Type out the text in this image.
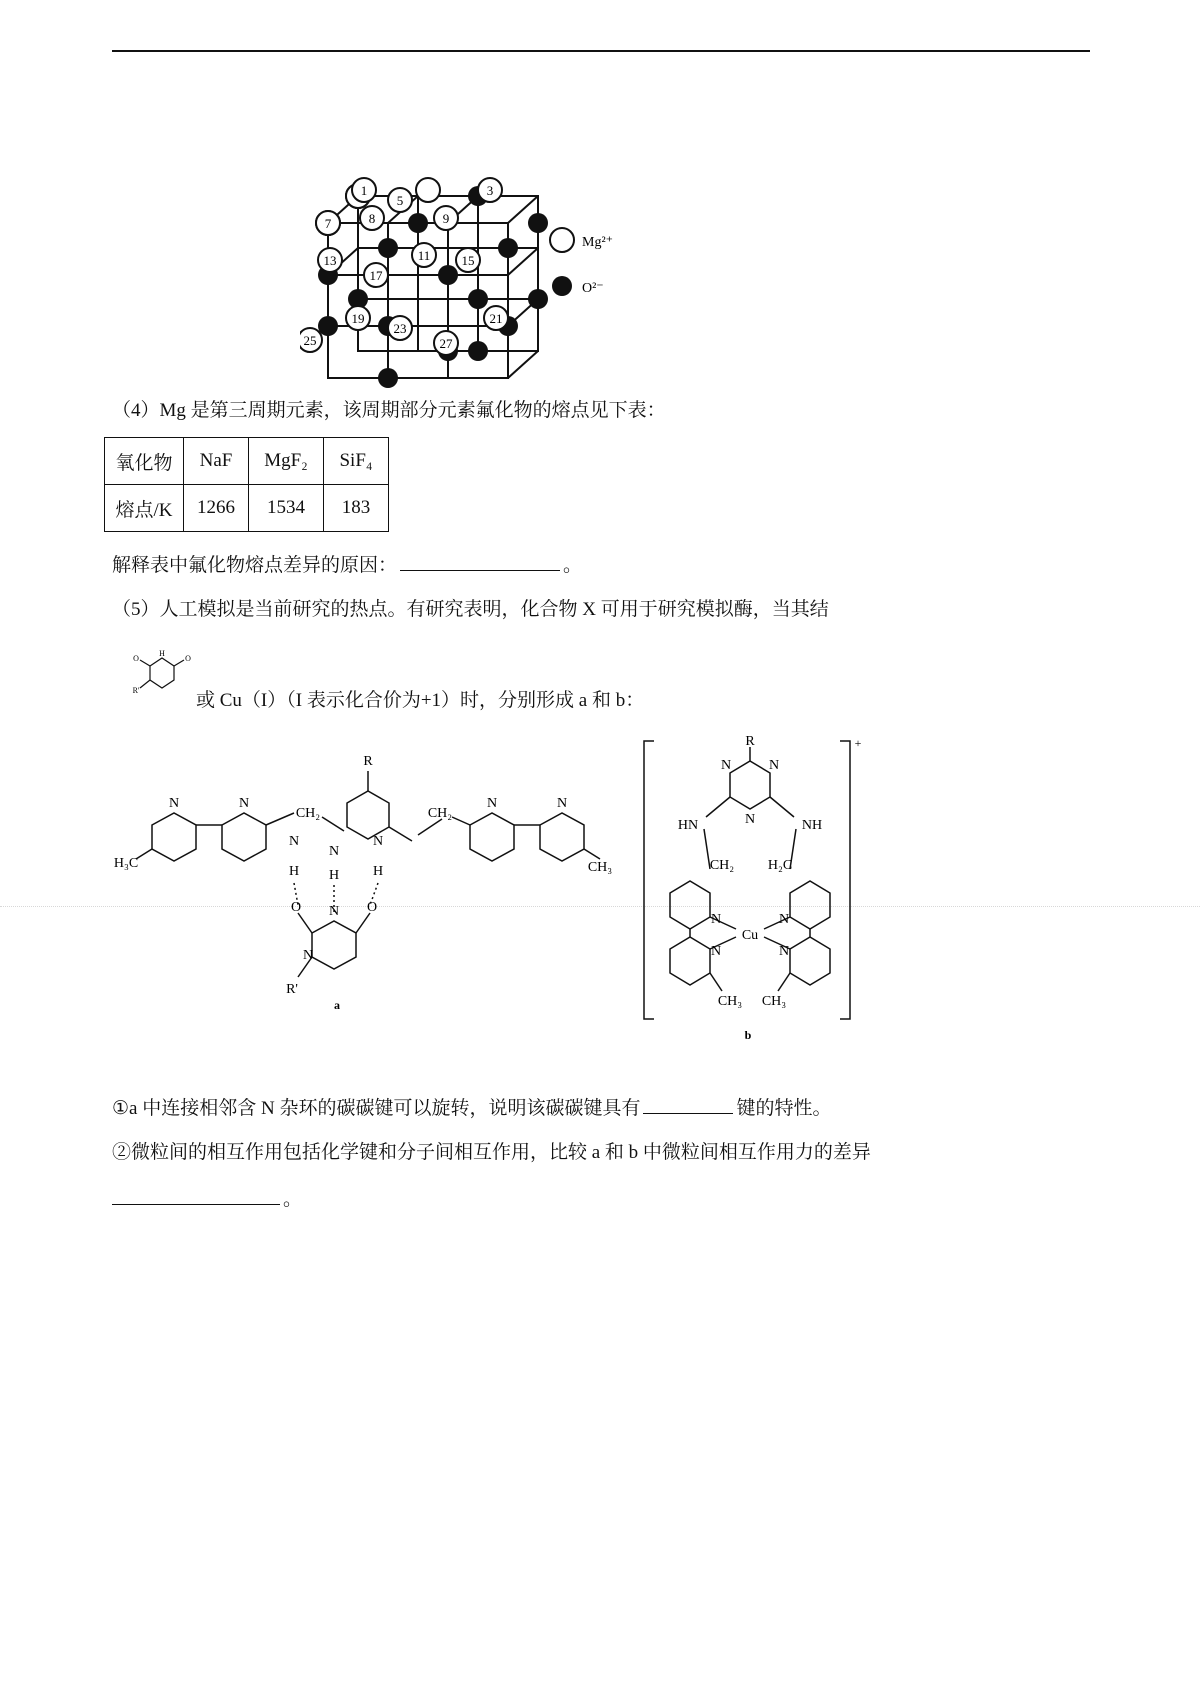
7
1
5
3
8	9
11
13	15
17
19	21
23
25	27
Mg²⁺
O²⁻
（4）Mg 是第三周期元素，该周期部分元素氟化物的熔点见下表：
氧化物	NaF	MgF₂	SiF₄
熔点/K	1266	1534	183
解释表中氟化物熔点差异的原因：	。
（5）人工模拟是当前研究的热点。有研究表明，化合物 X 可用于研究模拟酶，当其结
O
H
O
R'	或 Cu（I）（I 表示化合价为+1）时，分别形成 a 和 b：
R
N	N
CH₂
N
H
N
H
N
H
CH₂
N	N
H₃C	CH₃
O N O
N
R'
a
R	+
N	N
N
HN	NH
CH₂ H₂C
N	N
Cu
N	N
CH₃ CH₃
b
①a 中连接相邻含 N 杂环的碳碳键可以旋转，说明该碳碳键具有	键的特性。
②微粒间的相互作用包括化学键和分子间相互作用，比较 a 和 b 中微粒间相互作用力的差异
。
